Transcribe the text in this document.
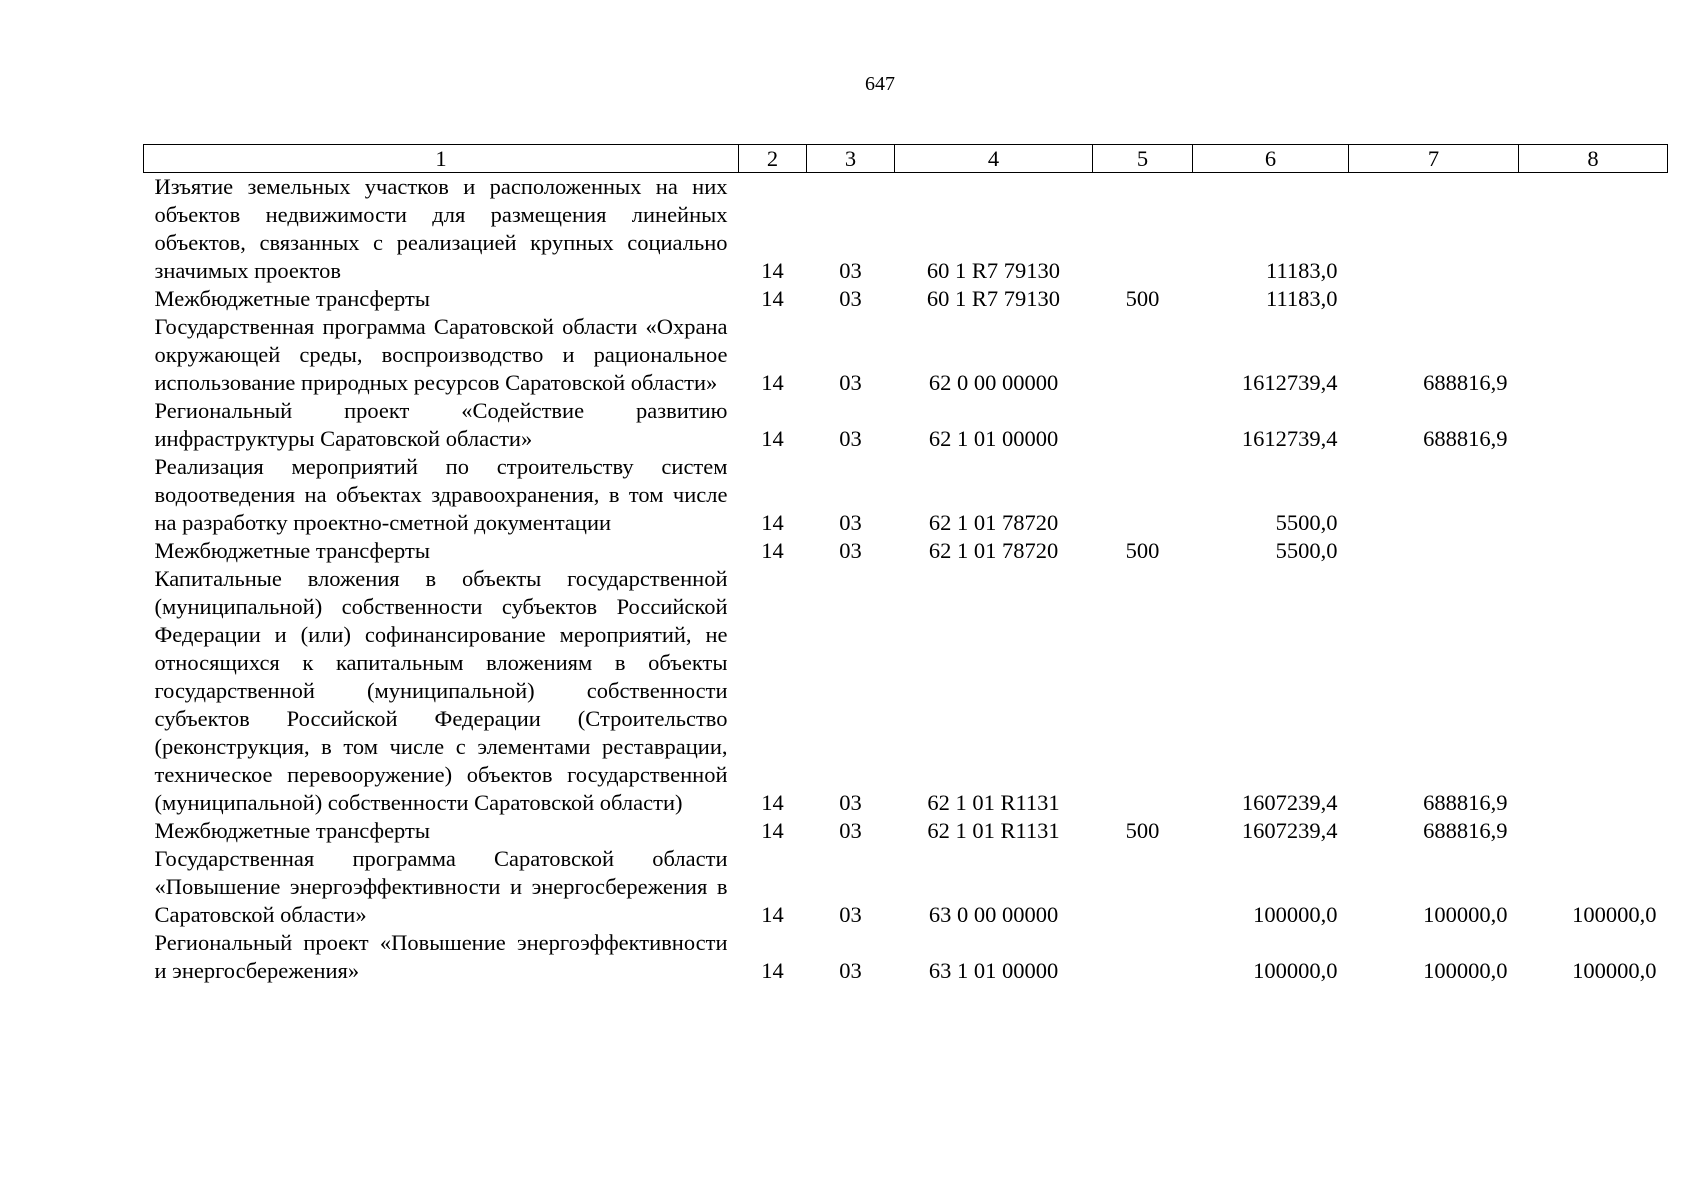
647
1	2	3	4	5	6	7	8
Изъятие земельных участков и расположенных на них объектов недвижимости для размещения линейных объектов, связанных с реализацией крупных социально значимых проектов	14	03	60 1 R7 79130		11183,0		
Межбюджетные трансферты	14	03	60 1 R7 79130	500	11183,0		
Государственная программа Саратовской области «Охрана окружающей среды, воспроизводство и рациональное использование природных ресурсов Саратовской области»	14	03	62 0 00 00000		1612739,4	688816,9	
Региональный проект «Содействие развитию инфраструктуры Саратовской области»	14	03	62 1 01 00000		1612739,4	688816,9	
Реализация мероприятий по строительству систем водоотведения на объектах здравоохранения, в том числе на разработку проектно-сметной документации	14	03	62 1 01 78720		5500,0		
Межбюджетные трансферты	14	03	62 1 01 78720	500	5500,0		
Капитальные вложения в объекты государственной (муниципальной) собственности субъектов Российской Федерации и (или) софинансирование мероприятий, не относящихся к капитальным вложениям в объекты государственной (муниципальной) собственности субъектов Российской Федерации (Строительство (реконструкция, в том числе с элементами реставрации, техническое перевооружение) объектов государственной (муниципальной) собственности Саратовской области)	14	03	62 1 01 R1131		1607239,4	688816,9	
Межбюджетные трансферты	14	03	62 1 01 R1131	500	1607239,4	688816,9	
Государственная программа Саратовской области «Повышение энергоэффективности и энергосбережения в Саратовской области»	14	03	63 0 00 00000		100000,0	100000,0	100000,0
Региональный проект «Повышение энергоэффективности и энергосбережения»	14	03	63 1 01 00000		100000,0	100000,0	100000,0
